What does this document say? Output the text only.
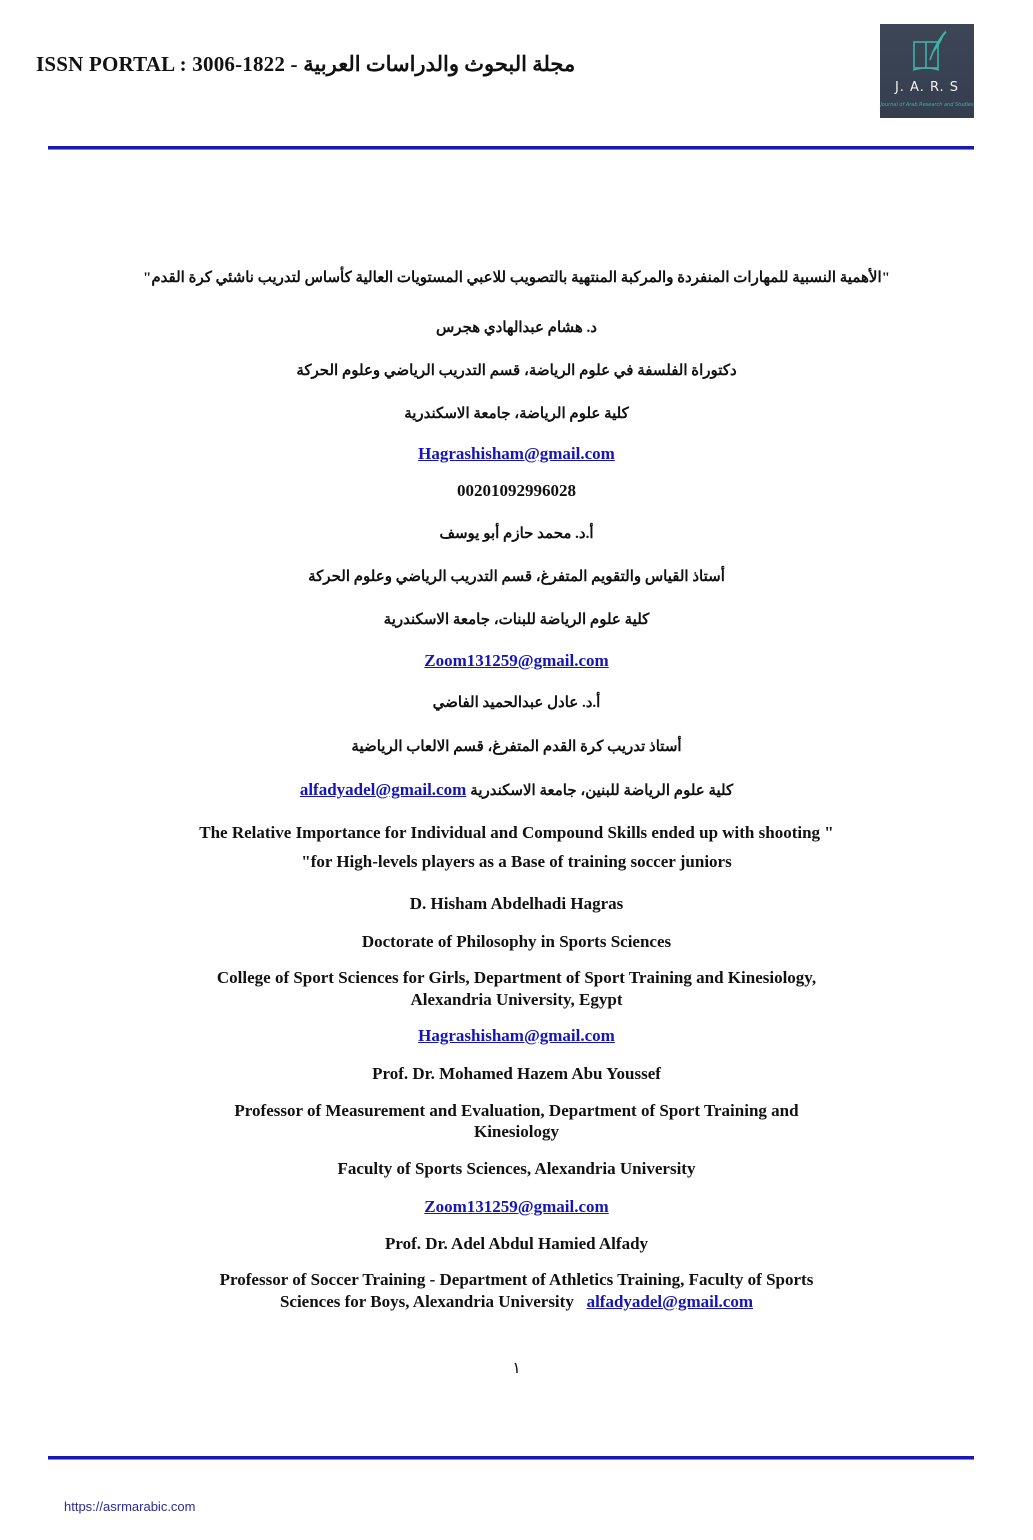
ISSN PORTAL : 3006-1822 - مجلة البحوث والدراسات العربية
J. A. R. S
Journal of Arab Research and Studies
"الأهمية النسبية للمهارات المنفردة والمركبة المنتهية بالتصويب للاعبي المستويات العالية كأساس لتدريب ناشئي كرة القدم"
د. هشام عبدالهادي هجرس
دكتوراة الفلسفة في علوم الرياضة، قسم التدريب الرياضي وعلوم الحركة
كلية علوم الرياضة، جامعة الاسكندرية
Hagrashisham@gmail.com
00201092996028
أ.د. محمد حازم أبو يوسف
أستاذ القياس والتقويم المتفرغ، قسم التدريب الرياضي وعلوم الحركة
كلية علوم الرياضة للبنات، جامعة الاسكندرية
Zoom131259@gmail.com
أ.د. عادل عبدالحميد الفاضي
أستاذ تدريب كرة القدم المتفرغ، قسم الالعاب الرياضية
كلية علوم الرياضة للبنين، جامعة الاسكندرية alfadyadel@gmail.com
The Relative Importance for Individual and Compound Skills ended up with shooting "
"for High-levels players as a Base of training soccer juniors
D. Hisham Abdelhadi Hagras
Doctorate of Philosophy in Sports Sciences
College of Sport Sciences for Girls, Department of Sport Training and Kinesiology,
Alexandria University, Egypt
Hagrashisham@gmail.com
Prof. Dr. Mohamed Hazem Abu Youssef
Professor of Measurement and Evaluation, Department of Sport Training and
Kinesiology
Faculty of Sports Sciences, Alexandria University
Zoom131259@gmail.com
Prof. Dr. Adel Abdul Hamied Alfady
Professor of Soccer Training - Department of Athletics Training, Faculty of Sports
Sciences for Boys, Alexandria University alfadyadel@gmail.com
١
https://asrmarabic.com
